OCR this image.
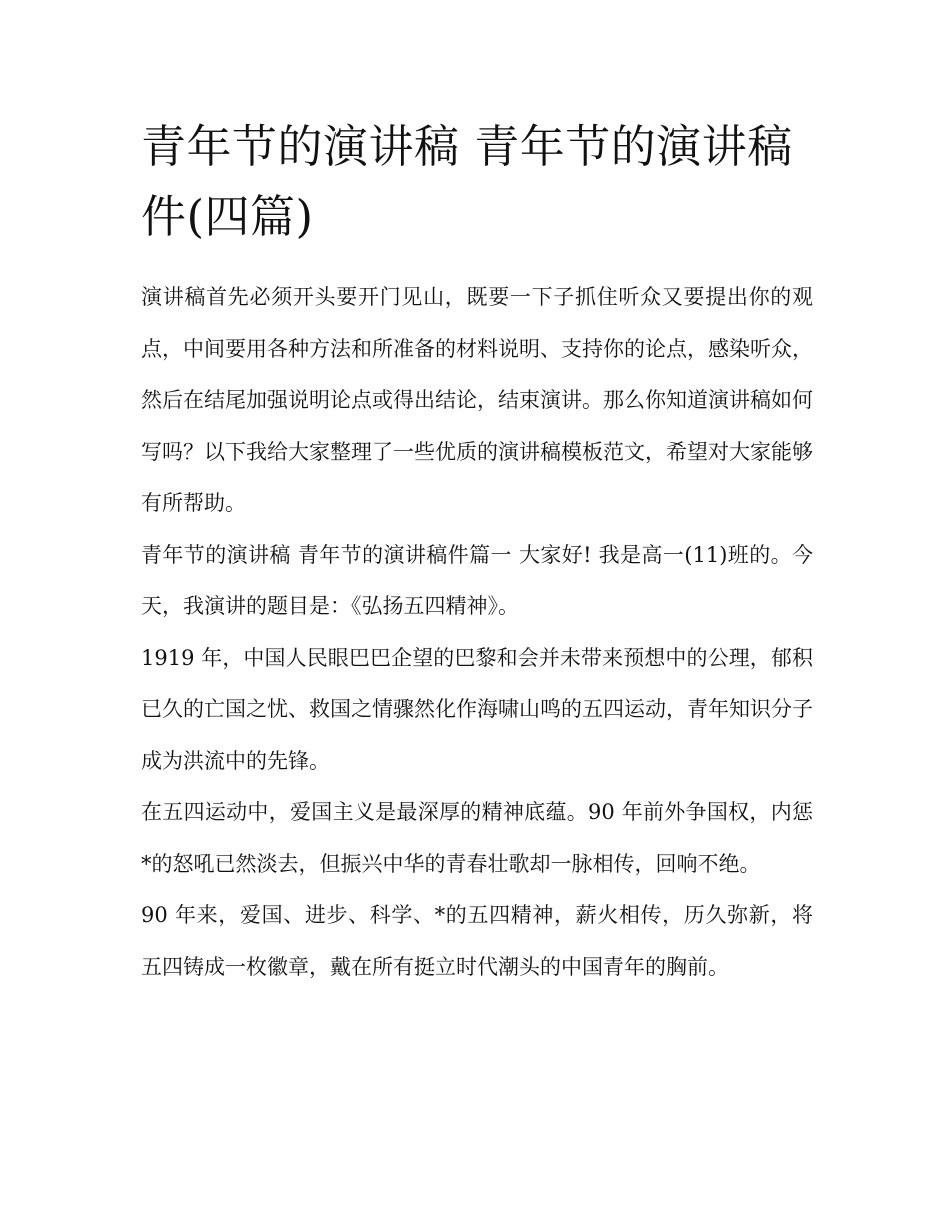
青年节的演讲稿 青年节的演讲稿件(四篇)

演讲稿首先必须开头要开门见山，既要一下子抓住听众又要提出你的观点，中间要用各种方法和所准备的材料说明、支持你的论点，感染听众，然后在结尾加强说明论点或得出结论，结束演讲。那么你知道演讲稿如何写吗？以下我给大家整理了一些优质的演讲稿模板范文，希望对大家能够有所帮助。

青年节的演讲稿 青年节的演讲稿件篇一 大家好! 我是高一(11)班的。今天，我演讲的题目是：《弘扬五四精神》。

1919 年，中国人民眼巴巴企望的巴黎和会并未带来预想中的公理，郁积已久的亡国之忧、救国之情骤然化作海啸山鸣的五四运动，青年知识分子成为洪流中的先锋。

在五四运动中，爱国主义是最深厚的精神底蕴。90 年前外争国权，内惩*的怒吼已然淡去，但振兴中华的青春壮歌却一脉相传，回响不绝。

90 年来，爱国、进步、科学、*的五四精神，薪火相传，历久弥新，将五四铸成一枚徽章，戴在所有挺立时代潮头的中国青年的胸前。
